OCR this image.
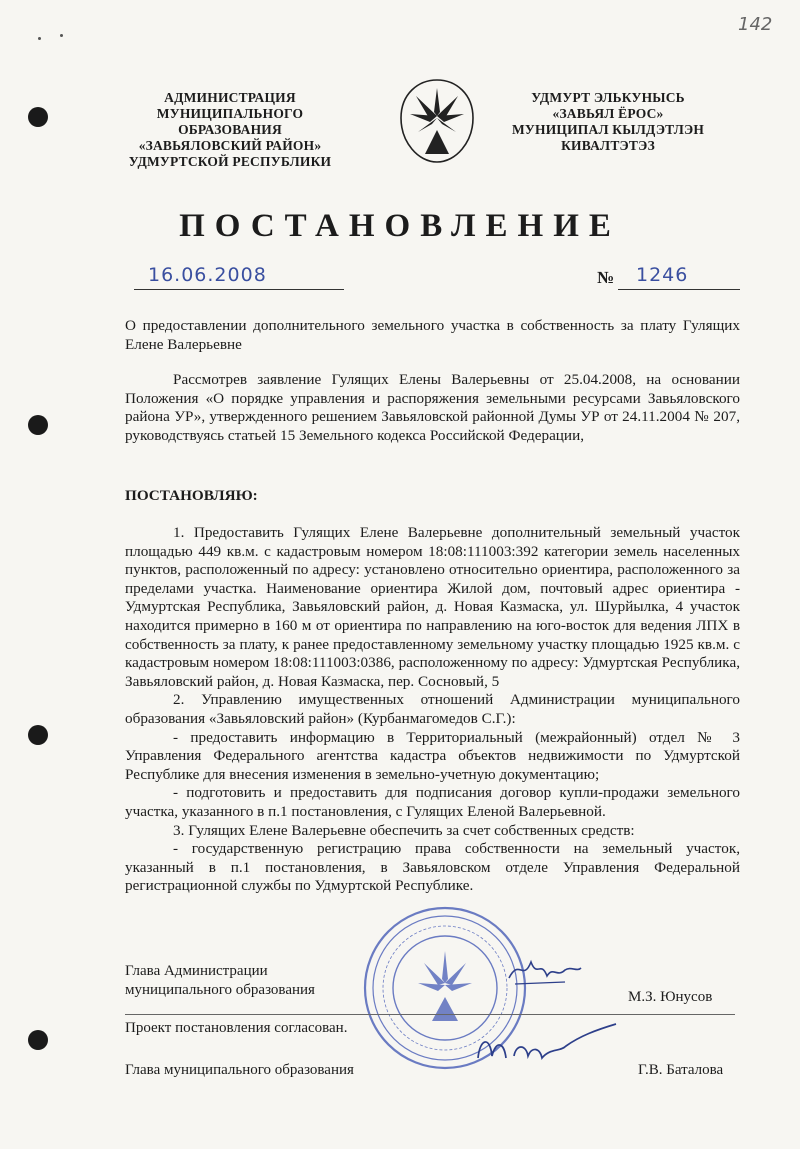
142
АДМИНИСТРАЦИЯ
МУНИЦИПАЛЬНОГО ОБРАЗОВАНИЯ
«ЗАВЬЯЛОВСКИЙ РАЙОН»
УДМУРТСКОЙ РЕСПУБЛИКИ
УДМУРТ ЭЛЬКУНЫСЬ
«ЗАВЬЯЛ ЁРОС»
МУНИЦИПАЛ КЫЛДЭТЛЭН
КИВАЛТЭТЭЗ
ПОСТАНОВЛЕНИЕ
16.06.2008	№ 1246
О предоставлении дополнительного земельного участка в собственность за плату Гулящих Елене Валерьевне
Рассмотрев заявление Гулящих Елены Валерьевны от 25.04.2008, на основании Положения «О порядке управления и распоряжения земельными ресурсами Завьяловского района УР», утвержденного решением Завьяловской районной Думы УР от 24.11.2004 № 207, руководствуясь статьей 15 Земельного кодекса Российской Федерации,
ПОСТАНОВЛЯЮ:

1. Предоставить Гулящих Елене Валерьевне дополнительный земельный участок площадью 449 кв.м. с кадастровым номером 18:08:111003:392 категории земель населенных пунктов, расположенный по адресу: установлено относительно ориентира, расположенного за пределами участка. Наименование ориентира Жилой дом, почтовый адрес ориентира - Удмуртская Республика, Завьяловский район, д. Новая Казмаска, ул. Шурйылка, 4 участок находится примерно в 160 м от ориентира по направлению на юго-восток для ведения ЛПХ в собственность за плату, к ранее предоставленному земельному участку площадью 1925 кв.м. с кадастровым номером 18:08:111003:0386, расположенному по адресу: Удмуртская Республика, Завьяловский район, д. Новая Казмаска, пер. Сосновый, 5

2. Управлению имущественных отношений Администрации муниципального образования «Завьяловский район» (Курбанмагомедов С.Г.):

- предоставить информацию в Территориальный (межрайонный) отдел № 3 Управления Федерального агентства кадастра объектов недвижимости по Удмуртской Республике для внесения изменения в земельно-учетную документацию;

- подготовить и предоставить для подписания договор купли-продажи земельного участка, указанного в п.1 постановления, с Гулящих Еленой Валерьевной.

3. Гулящих Елене Валерьевне обеспечить за счет собственных средств:

- государственную регистрацию права собственности на земельный участок, указанный в п.1 постановления, в Завьяловском отделе Управления Федеральной регистрационной службы по Удмуртской Республике.

Глава Администрации
муниципального образования	М.З. Юнусов
Проект постановления согласован.
Глава муниципального образования	Г.В. Баталова
